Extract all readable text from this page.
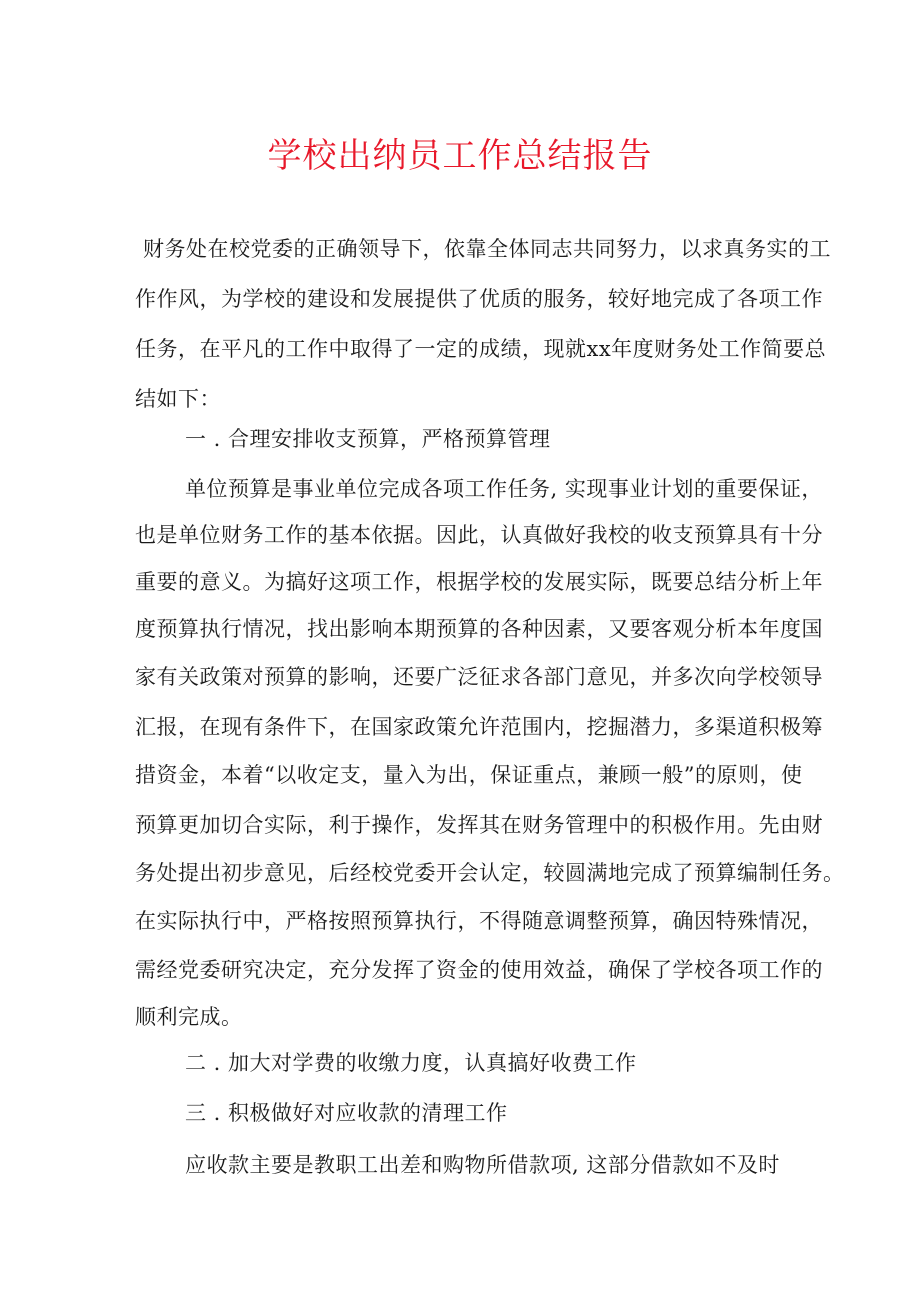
学校出纳员工作总结报告
财务处在校党委的正确领导下，依靠全体同志共同努力，以求真务实的工
作作风，为学校的建设和发展提供了优质的服务，较好地完成了各项工作
任务，在平凡的工作中取得了一定的成绩，现就xx年度财务处工作简要总
结如下：
一 . 合理安排收支预算，严格预算管理
单位预算是事业单位完成各项工作任务, 实现事业计划的重要保证，
也是单位财务工作的基本依据。因此，认真做好我校的收支预算具有十分
重要的意义。为搞好这项工作，根据学校的发展实际，既要总结分析上年
度预算执行情况，找出影响本期预算的各种因素，又要客观分析本年度国
家有关政策对预算的影响，还要广泛征求各部门意见，并多次向学校领导
汇报，在现有条件下，在国家政策允许范围内，挖掘潜力，多渠道积极筹
措资金，本着“以收定支，量入为出，保证重点，兼顾一般”的原则，使
预算更加切合实际，利于操作，发挥其在财务管理中的积极作用。先由财
务处提出初步意见，后经校党委开会认定，较圆满地完成了预算编制任务。
在实际执行中，严格按照预算执行，不得随意调整预算，确因特殊情况，
需经党委研究决定，充分发挥了资金的使用效益，确保了学校各项工作的
顺利完成。
二 . 加大对学费的收缴力度，认真搞好收费工作
三 . 积极做好对应收款的清理工作
应收款主要是教职工出差和购物所借款项, 这部分借款如不及时
